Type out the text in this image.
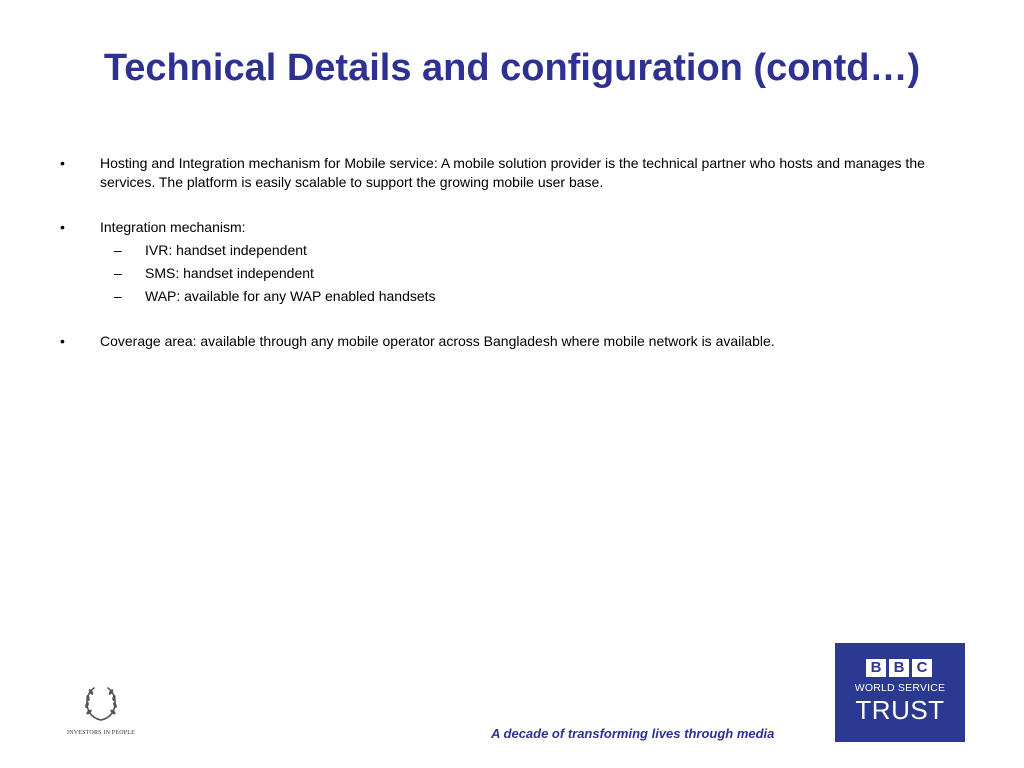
Technical Details and configuration (contd…)
•	Hosting and Integration mechanism for Mobile service: A mobile solution provider is the technical partner who hosts and manages the services. The platform is easily scalable to support the growing mobile user base.
•	Integration mechanism:
– IVR: handset independent
– SMS: handset independent
– WAP: available for any WAP enabled handsets
•	Coverage area: available through any mobile operator across Bangladesh where mobile network is available.
INVESTORS IN PEOPLE	A decade of transforming lives through media
B B C
WORLD SERVICE
TRUST
